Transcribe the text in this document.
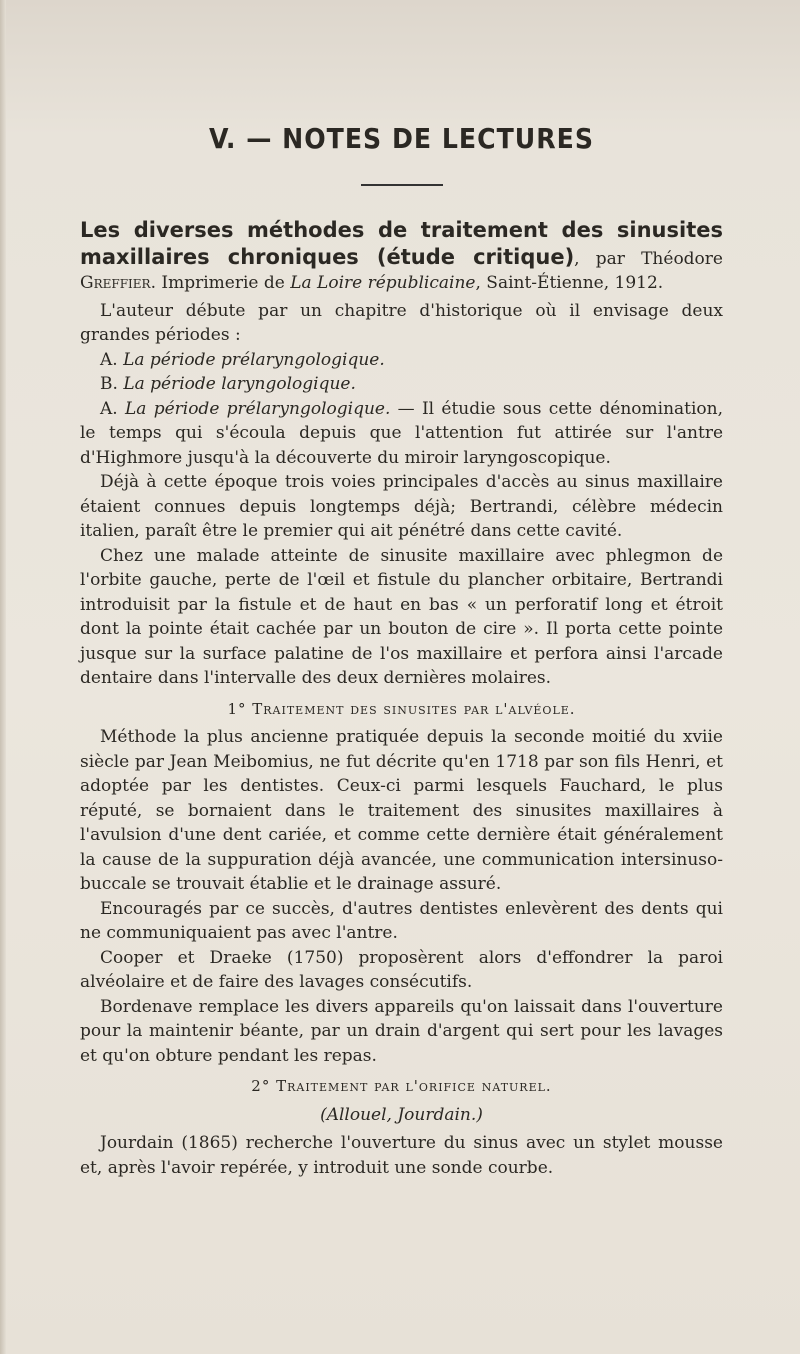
V. — NOTES DE LECTURES

Les diverses méthodes de traitement des sinusites maxillaires chroniques (étude critique), par Théodore Greffier. Imprimerie de La Loire républicaine, Saint-Étienne, 1912.

L'auteur débute par un chapitre d'historique où il envisage deux grandes périodes :

A. La période prélaryngologique.

B. La période laryngologique.

A. La période prélaryngologique. — Il étudie sous cette dénomination, le temps qui s'écoula depuis que l'attention fut attirée sur l'antre d'Highmore jusqu'à la découverte du miroir laryngoscopique.

Déjà à cette époque trois voies principales d'accès au sinus maxillaire étaient connues depuis longtemps déjà; Bertrandi, célèbre médecin italien, paraît être le premier qui ait pénétré dans cette cavité.

Chez une malade atteinte de sinusite maxillaire avec phlegmon de l'orbite gauche, perte de l'œil et fistule du plancher orbitaire, Bertrandi introduisit par la fistule et de haut en bas « un perforatif long et étroit dont la pointe était cachée par un bouton de cire ». Il porta cette pointe jusque sur la surface palatine de l'os maxillaire et perfora ainsi l'arcade dentaire dans l'intervalle des deux dernières molaires.

1° Traitement des sinusites par l'alvéole.

Méthode la plus ancienne pratiquée depuis la seconde moitié du xviie siècle par Jean Meibomius, ne fut décrite qu'en 1718 par son fils Henri, et adoptée par les dentistes. Ceux-ci parmi lesquels Fauchard, le plus réputé, se bornaient dans le traitement des sinusites maxillaires à l'avulsion d'une dent cariée, et comme cette dernière était généralement la cause de la suppuration déjà avancée, une communication intersinuso-buccale se trouvait établie et le drainage assuré.

Encouragés par ce succès, d'autres dentistes enlevèrent des dents qui ne communiquaient pas avec l'antre.

Cooper et Draeke (1750) proposèrent alors d'effondrer la paroi alvéolaire et de faire des lavages consécutifs.

Bordenave remplace les divers appareils qu'on laissait dans l'ouverture pour la maintenir béante, par un drain d'argent qui sert pour les lavages et qu'on obture pendant les repas.

2° Traitement par l'orifice naturel.

(Allouel, Jourdain.)

Jourdain (1865) recherche l'ouverture du sinus avec un stylet mousse et, après l'avoir repérée, y introduit une sonde courbe.
